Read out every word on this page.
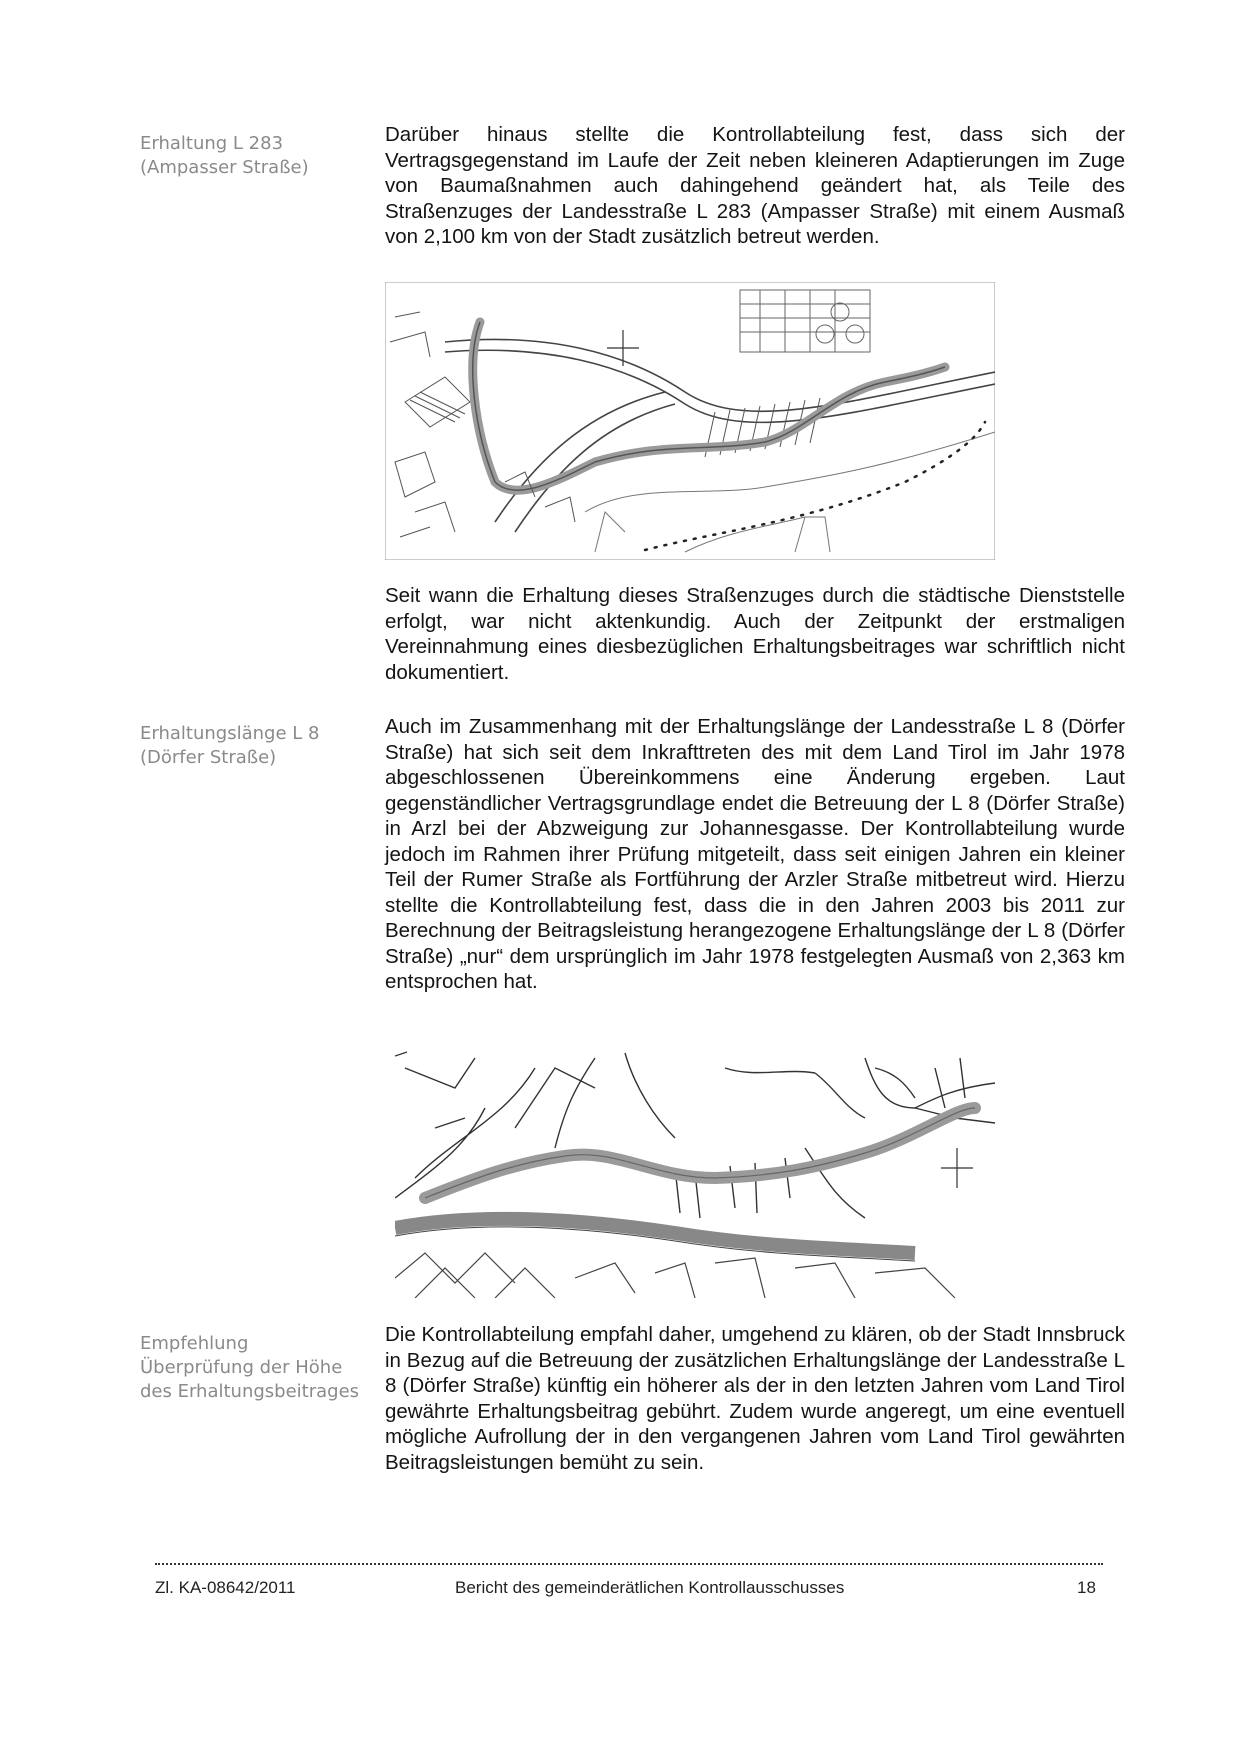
Erhaltung L 283
(Ampasser Straße)

Darüber hinaus stellte die Kontrollabteilung fest, dass sich der Vertragsgegenstand im Laufe der Zeit neben kleineren Adaptierungen im Zuge von Baumaßnahmen auch dahingehend geändert hat, als Teile des Straßenzuges der Landesstraße L 283 (Ampasser Straße) mit einem Ausmaß von 2,100 km von der Stadt zusätzlich betreut werden.

Seit wann die Erhaltung dieses Straßenzuges durch die städtische Dienststelle erfolgt, war nicht aktenkundig. Auch der Zeitpunkt der erstmaligen Vereinnahmung eines diesbezüglichen Erhaltungsbeitrages war schriftlich nicht dokumentiert.

Erhaltungslänge L 8
(Dörfer Straße)

Auch im Zusammenhang mit der Erhaltungslänge der Landesstraße L 8 (Dörfer Straße) hat sich seit dem Inkrafttreten des mit dem Land Tirol im Jahr 1978 abgeschlossenen Übereinkommens eine Änderung ergeben. Laut gegenständlicher Vertragsgrundlage endet die Betreuung der L 8 (Dörfer Straße) in Arzl bei der Abzweigung zur Johannesgasse. Der Kontrollabteilung wurde jedoch im Rahmen ihrer Prüfung mitgeteilt, dass seit einigen Jahren ein kleiner Teil der Rumer Straße als Fortführung der Arzler Straße mitbetreut wird. Hierzu stellte die Kontrollabteilung fest, dass die in den Jahren 2003 bis 2011 zur Berechnung der Beitragsleistung herangezogene Erhaltungslänge der L 8 (Dörfer Straße) „nur“ dem ursprünglich im Jahr 1978 festgelegten Ausmaß von 2,363 km entsprochen hat.

Empfehlung
Überprüfung der Höhe
des Erhaltungsbeitrages

Die Kontrollabteilung empfahl daher, umgehend zu klären, ob der Stadt Innsbruck in Bezug auf die Betreuung der zusätzlichen Erhaltungslänge der Landesstraße L 8 (Dörfer Straße) künftig ein höherer als der in den letzten Jahren vom Land Tirol gewährte Erhaltungsbeitrag gebührt. Zudem wurde angeregt, um eine eventuell mögliche Aufrollung der in den vergangenen Jahren vom Land Tirol gewährten Beitragsleistungen bemüht zu sein.

Zl. KA-08642/2011	Bericht des gemeinderätlichen Kontrollausschusses	18
